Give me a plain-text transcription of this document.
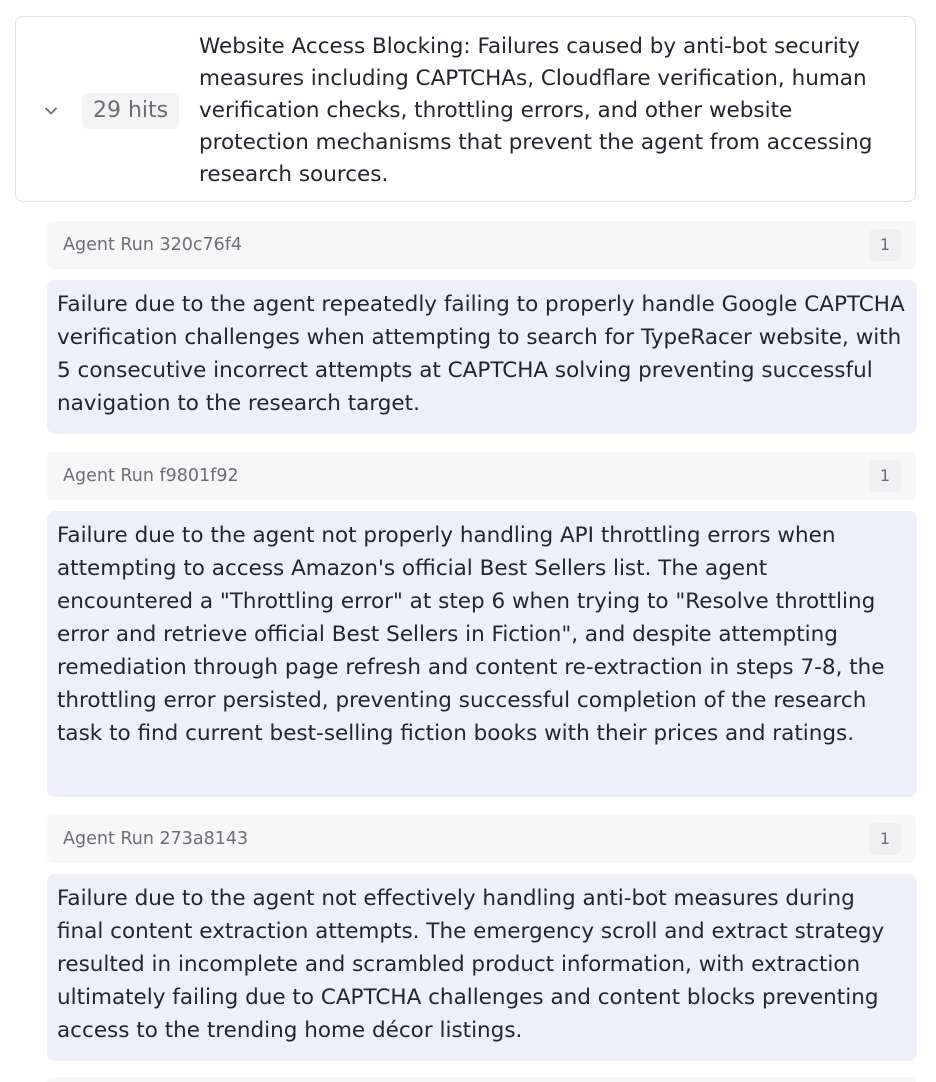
29 hits

Website Access Blocking: Failures caused by anti-bot security measures including CAPTCHAs, Cloudflare verification, human verification checks, throttling errors, and other website protection mechanisms that prevent the agent from accessing research sources.

Agent Run 320c76f4	1

Failure due to the agent repeatedly failing to properly handle Google CAPTCHA verification challenges when attempting to search for TypeRacer website, with 5 consecutive incorrect attempts at CAPTCHA solving preventing successful navigation to the research target.

Agent Run f9801f92	1

Failure due to the agent not properly handling API throttling errors when attempting to access Amazon's official Best Sellers list. The agent encountered a "Throttling error" at step 6 when trying to "Resolve throttling error and retrieve official Best Sellers in Fiction", and despite attempting remediation through page refresh and content re-extraction in steps 7-8, the throttling error persisted, preventing successful completion of the research task to find current best-selling fiction books with their prices and ratings.

Agent Run 273a8143	1

Failure due to the agent not effectively handling anti-bot measures during final content extraction attempts. The emergency scroll and extract strategy resulted in incomplete and scrambled product information, with extraction ultimately failing due to CAPTCHA challenges and content blocks preventing access to the trending home décor listings.
